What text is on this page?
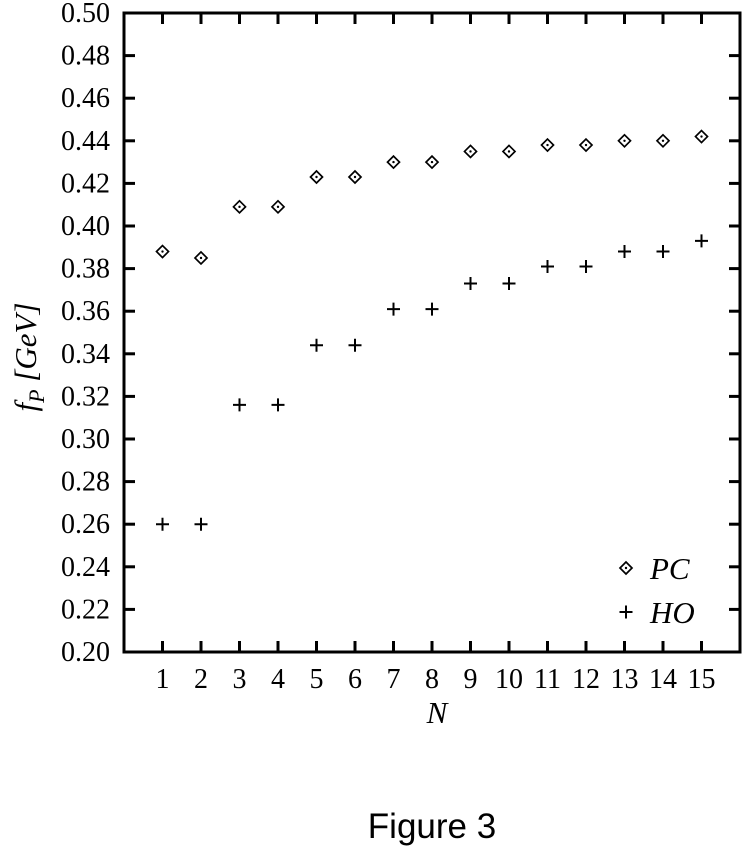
1 2 3 4 5 6 7 8 9 10 11 12 13 14 15
0.20
0.22
0.24
0.26
0.28
0.30
0.32
0.34
0.36
0.38
0.40
0.42
0.44
0.46
0.48
0.50
PC
HO
N
$f_P$ [GeV]
Figure 3
